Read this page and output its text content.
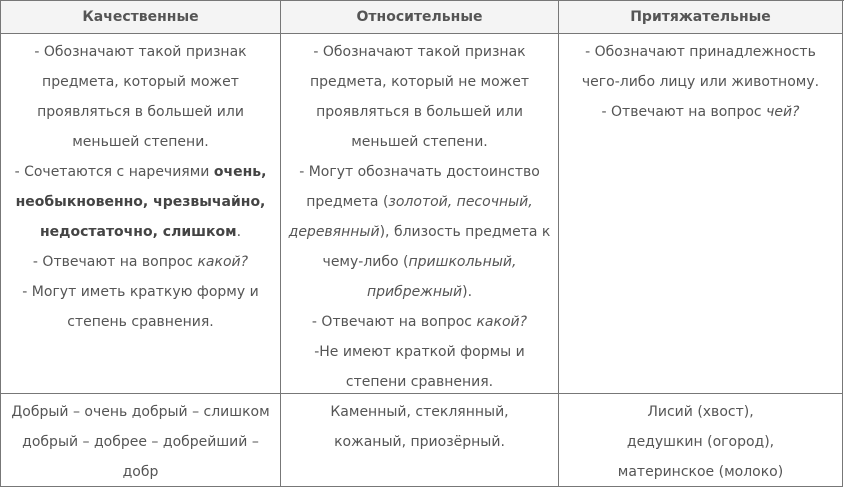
Качественные	Относительные	Притяжательные

- Обозначают такой признак предмета, который может проявляться в большей или меньшей степени.

- Сочетаются с наречиями очень, необыкновенно, чрезвычайно, недостаточно, слишком.

- Отвечают на вопрос какой?

- Могут иметь краткую форму и степень сравнения.

- Обозначают такой признак предмета, который не может проявляться в большей или меньшей степени.

- Могут обозначать достоинство предмета (золотой, песочный, деревянный), близость предмета к чему-либо (пришкольный, прибрежный).

- Отвечают на вопрос какой?

-Не имеют краткой формы и степени сравнения.

- Обозначают принадлежность чего-либо лицу или животному.

- Отвечают на вопрос чей?

Добрый – очень добрый – слишком добрый – добрее – добрейший – добр

Каменный, стеклянный, кожаный, приозёрный.

Лисий (хвост),

дедушкин (огород),

материнское (молоко)
